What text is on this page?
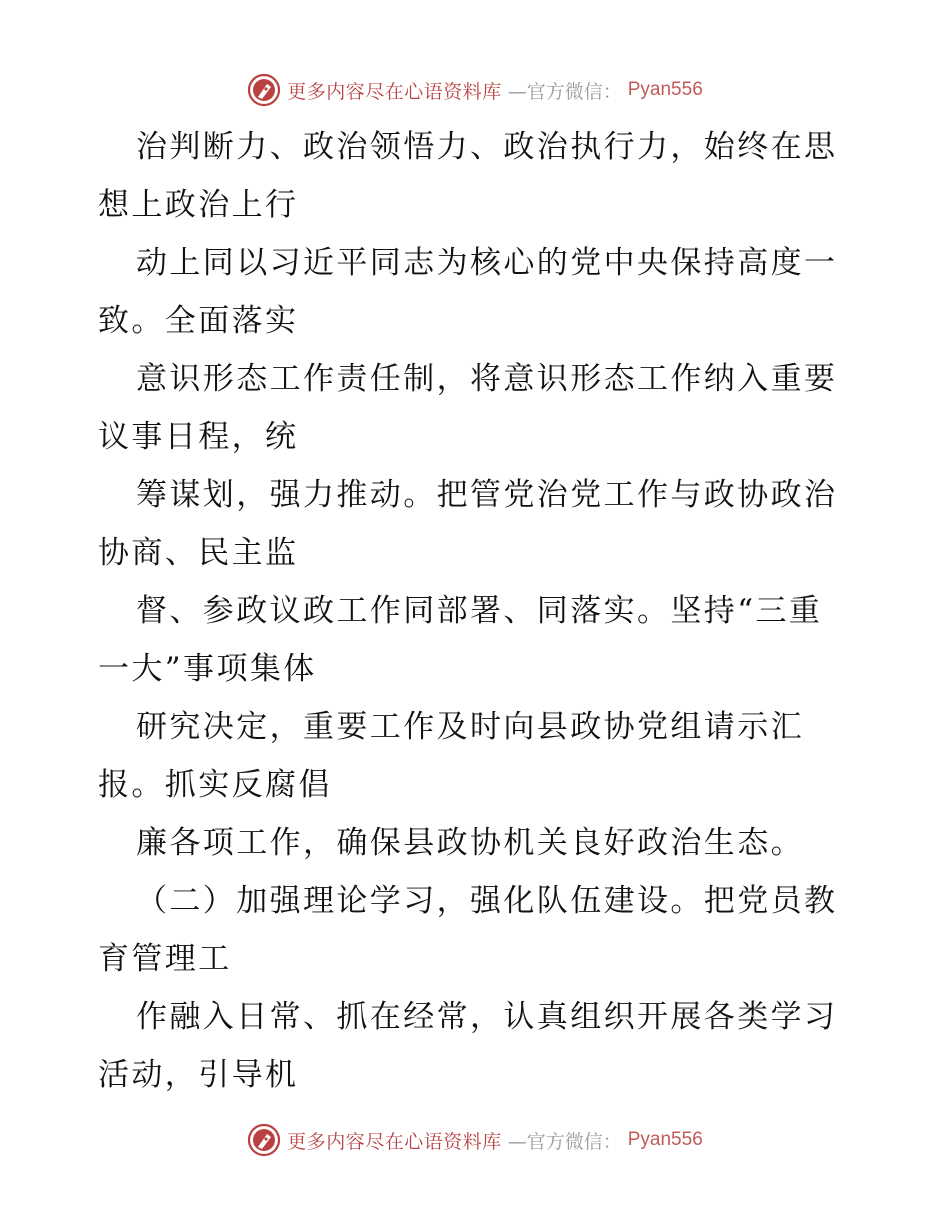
更多内容尽在心语资料库 —官方微信： Pyan556
治判断力、政治领悟力、政治执行力，始终在思
想上政治上行
动上同以习近平同志为核心的党中央保持高度一
致。全面落实
意识形态工作责任制，将意识形态工作纳入重要
议事日程，统
筹谋划，强力推动。把管党治党工作与政协政治
协商、民主监
督、参政议政工作同部署、同落实。坚持“三重
一大”事项集体
研究决定，重要工作及时向县政协党组请示汇
报。抓实反腐倡
廉各项工作，确保县政协机关良好政治生态。
（二）加强理论学习，强化队伍建设。把党员教
育管理工
作融入日常、抓在经常，认真组织开展各类学习
活动，引导机
更多内容尽在心语资料库 —官方微信： Pyan556
